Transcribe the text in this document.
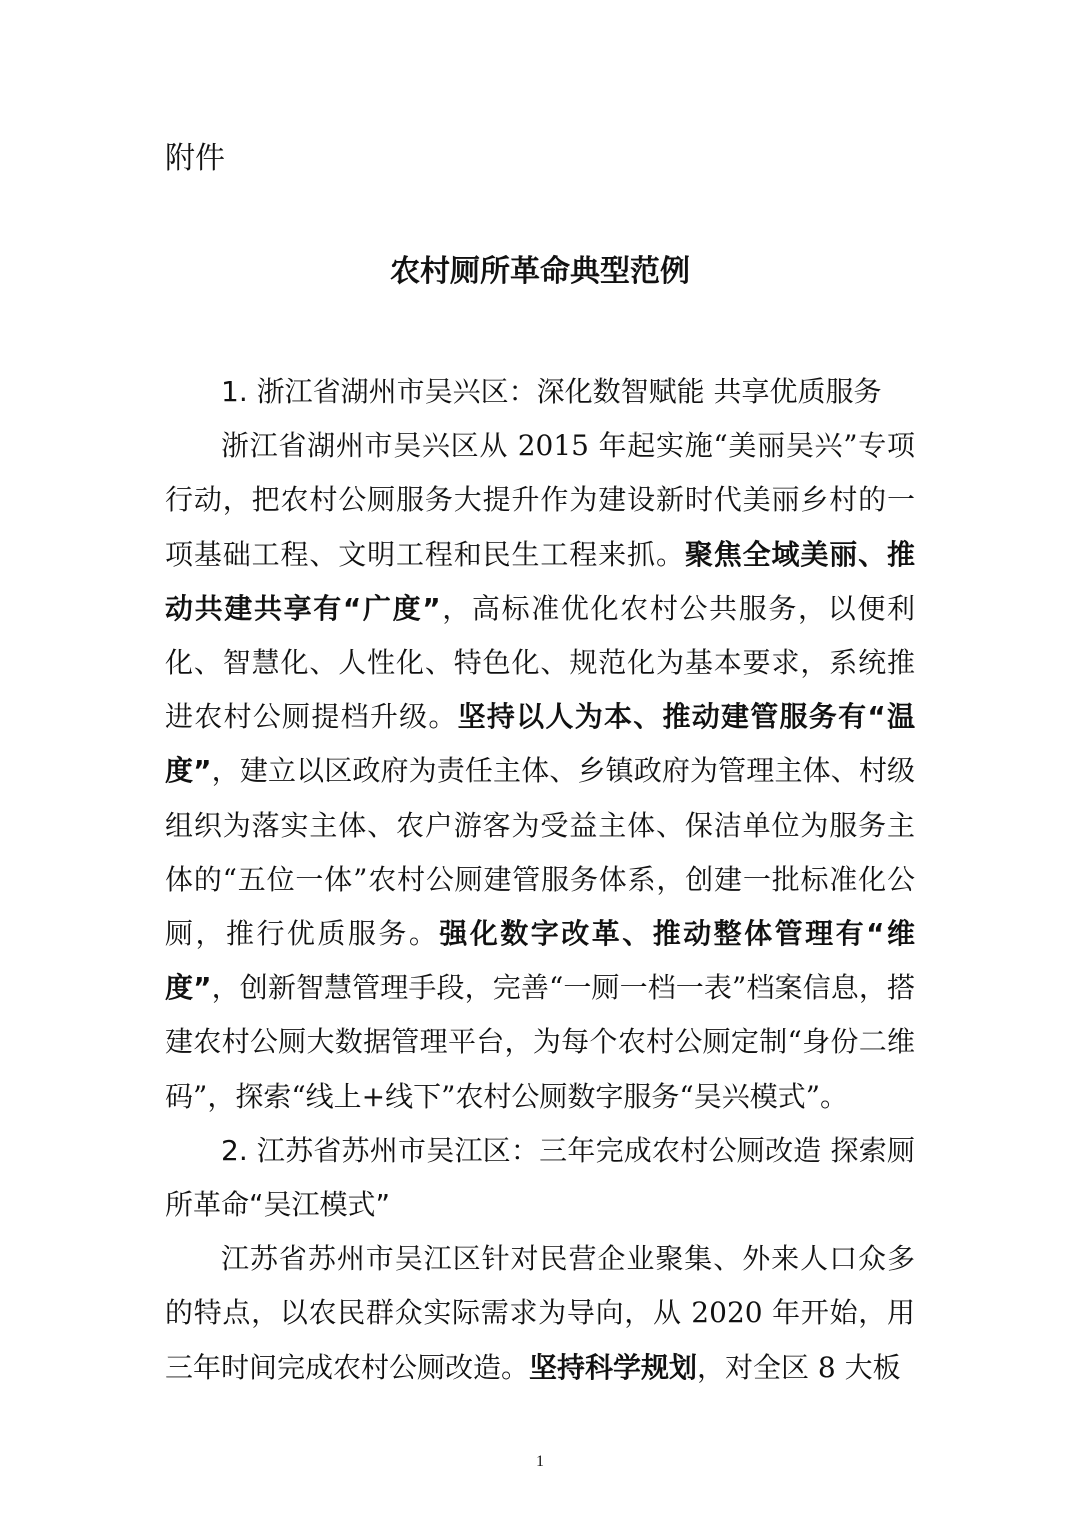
附件
农村厕所革命典型范例
1. 浙江省湖州市吴兴区：深化数智赋能 共享优质服务

浙江省湖州市吴兴区从 2015 年起实施“美丽吴兴”专项行动，把农村公厕服务大提升作为建设新时代美丽乡村的一项基础工程、文明工程和民生工程来抓。聚焦全域美丽、推动共建共享有“广度”，高标准优化农村公共服务，以便利化、智慧化、人性化、特色化、规范化为基本要求，系统推进农村公厕提档升级。坚持以人为本、推动建管服务有“温度”，建立以区政府为责任主体、乡镇政府为管理主体、村级组织为落实主体、农户游客为受益主体、保洁单位为服务主体的“五位一体”农村公厕建管服务体系，创建一批标准化公厕，推行优质服务。强化数字改革、推动整体管理有“维度”，创新智慧管理手段，完善“一厕一档一表”档案信息，搭建农村公厕大数据管理平台，为每个农村公厕定制“身份二维码”，探索“线上+线下”农村公厕数字服务“吴兴模式”。

2. 江苏省苏州市吴江区：三年完成农村公厕改造 探索厕所革命“吴江模式”

江苏省苏州市吴江区针对民营企业聚集、外来人口众多的特点，以农民群众实际需求为导向，从 2020 年开始，用三年时间完成农村公厕改造。坚持科学规划，对全区 8 大板

1
